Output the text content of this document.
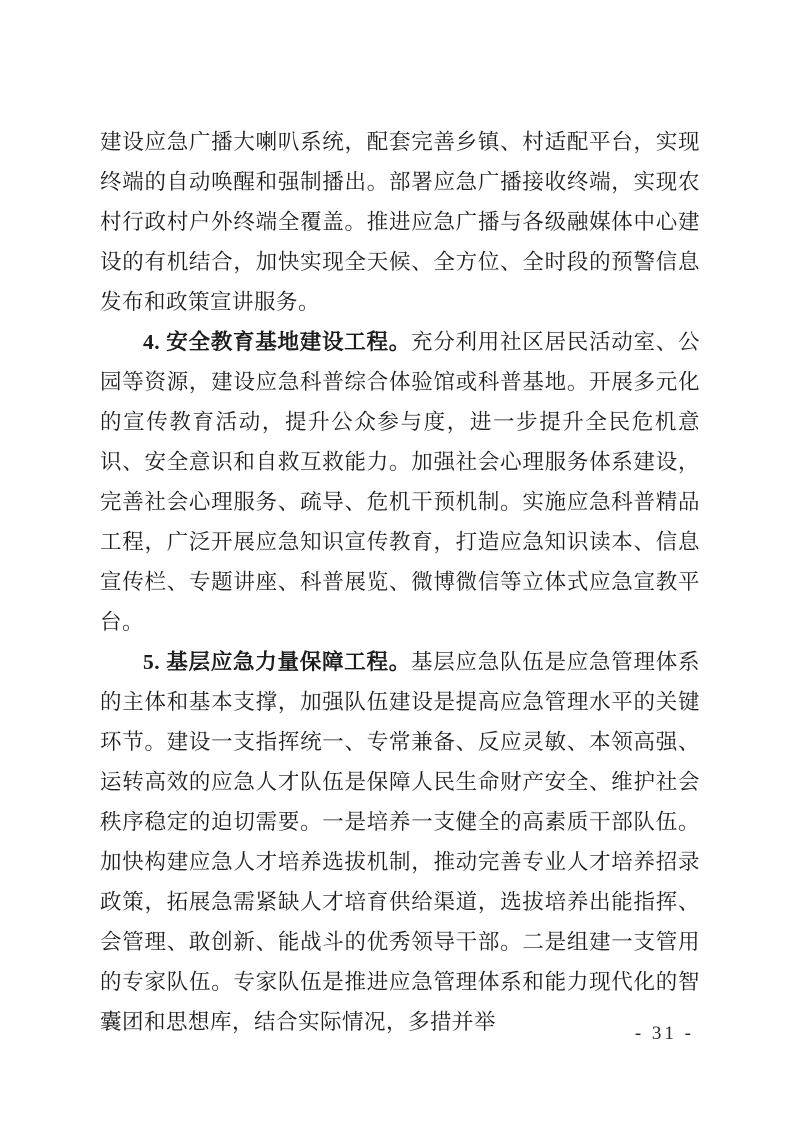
建设应急广播大喇叭系统，配套完善乡镇、村适配平台，实现终端的自动唤醒和强制播出。部署应急广播接收终端，实现农村行政村户外终端全覆盖。推进应急广播与各级融媒体中心建设的有机结合，加快实现全天候、全方位、全时段的预警信息发布和政策宣讲服务。

4. 安全教育基地建设工程。充分利用社区居民活动室、公园等资源，建设应急科普综合体验馆或科普基地。开展多元化的宣传教育活动，提升公众参与度，进一步提升全民危机意识、安全意识和自救互救能力。加强社会心理服务体系建设，完善社会心理服务、疏导、危机干预机制。实施应急科普精品工程，广泛开展应急知识宣传教育，打造应急知识读本、信息宣传栏、专题讲座、科普展览、微博微信等立体式应急宣教平台。

5. 基层应急力量保障工程。基层应急队伍是应急管理体系的主体和基本支撑，加强队伍建设是提高应急管理水平的关键环节。建设一支指挥统一、专常兼备、反应灵敏、本领高强、运转高效的应急人才队伍是保障人民生命财产安全、维护社会秩序稳定的迫切需要。一是培养一支健全的高素质干部队伍。加快构建应急人才培养选拔机制，推动完善专业人才培养招录政策，拓展急需紧缺人才培育供给渠道，选拔培养出能指挥、会管理、敢创新、能战斗的优秀领导干部。二是组建一支管用的专家队伍。专家队伍是推进应急管理体系和能力现代化的智囊团和思想库，结合实际情况，多措并举	- 31 -
